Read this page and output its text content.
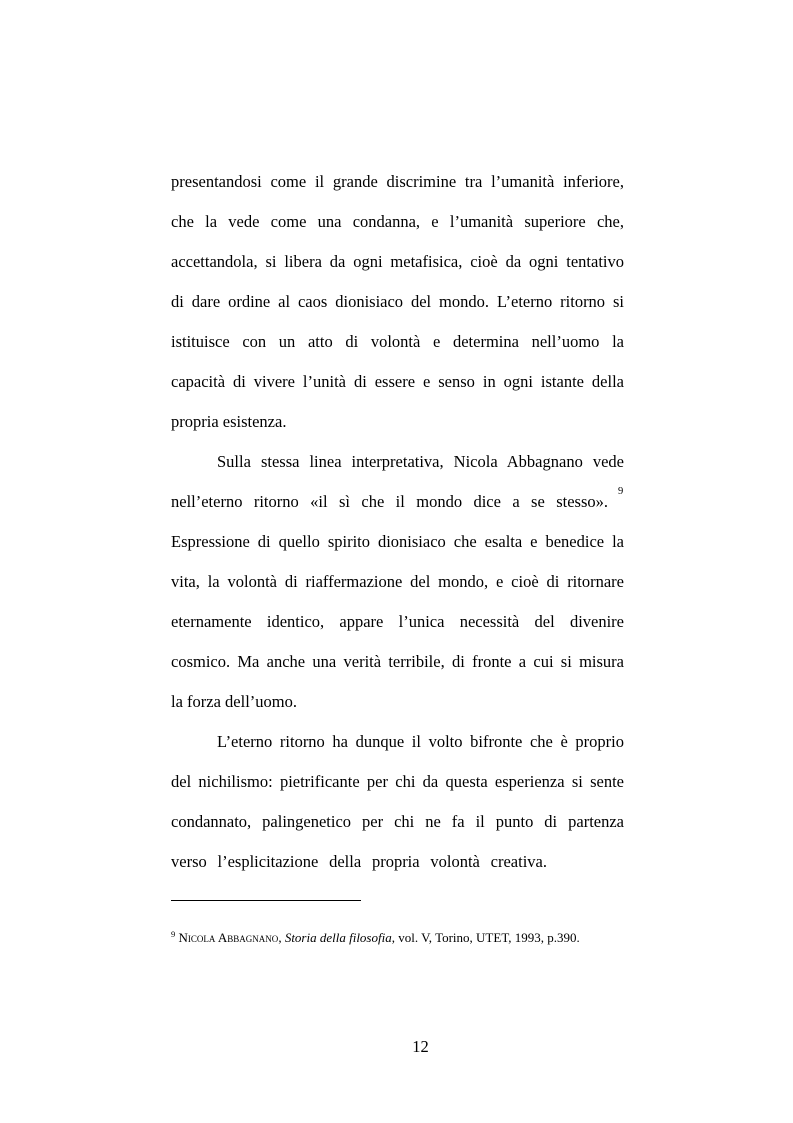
presentandosi come il grande discrimine tra l’umanità inferiore,
che la vede come una condanna, e l’umanità superiore che,
accettandola, si libera da ogni metafisica, cioè da ogni tentativo
di dare ordine al caos dionisiaco del mondo. L’eterno ritorno si
istituisce con un atto di volontà e determina nell’uomo la
capacità di vivere l’unità di essere e senso in ogni istante della
propria esistenza.
Sulla stessa linea interpretativa, Nicola Abbagnano vede
nell’eterno ritorno «il sì che il mondo dice a se stesso».
9
Espressione di quello spirito dionisiaco che esalta e benedice la
vita, la volontà di riaffermazione del mondo, e cioè di ritornare
eternamente identico, appare l’unica necessità del divenire
cosmico. Ma anche una verità terribile, di fronte a cui si misura
la forza dell’uomo.
L’eterno ritorno ha dunque il volto bifronte che è proprio
del nichilismo: pietrificante per chi da questa esperienza si sente
condannato, palingenetico per chi ne fa il punto di partenza
verso l’esplicitazione della propria volontà creativa.
$^9$ Nicola Abbagnano, Storia della filosofia, vol. V, Torino, UTET, 1993, p.390.
12
